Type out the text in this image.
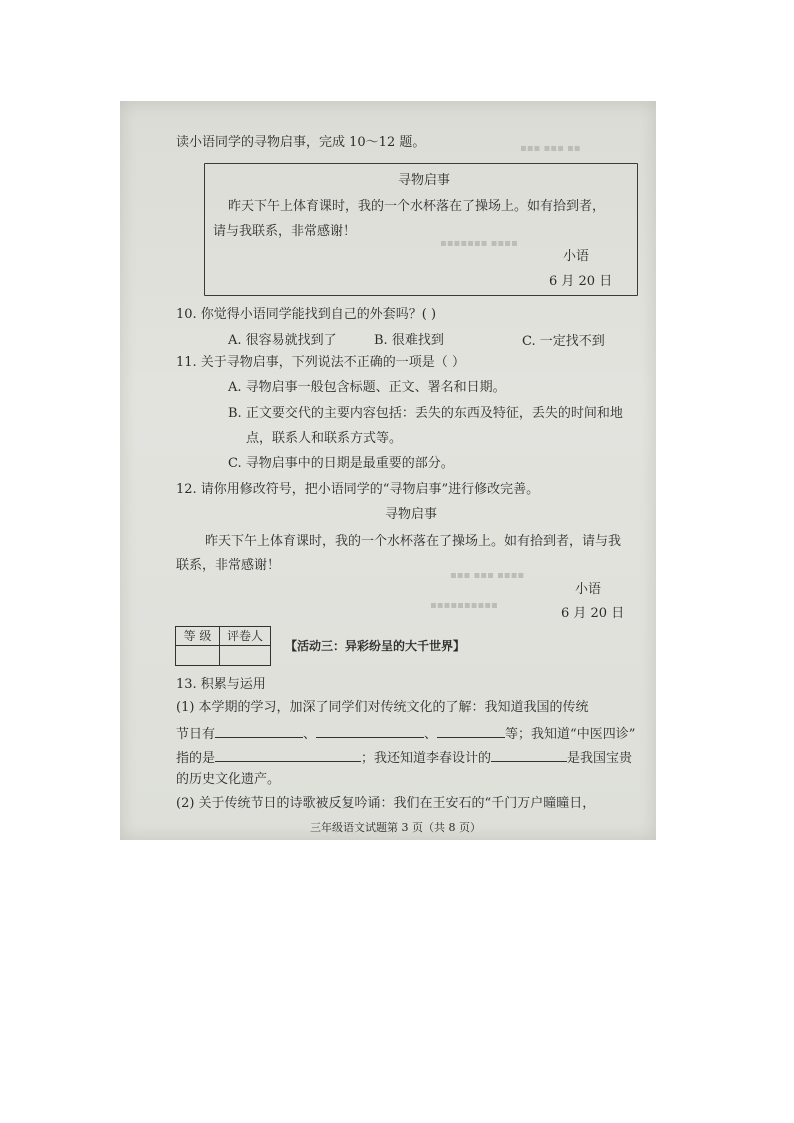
▪▪▪ ▪▪▪ ▪▪
▪▪▪▪▪▪▪ ▪▪▪▪
▪▪▪ ▪▪▪ ▪▪▪▪
▪▪▪▪▪▪▪▪▪▪
读小语同学的寻物启事，完成 10～12 题。
寻物启事
昨天下午上体育课时，我的一个水杯落在了操场上。如有拾到者，
请与我联系，非常感谢！
小语
6 月 20 日
10. 你觉得小语同学能找到自己的外套吗？( )
A. 很容易就找到了	B. 很难找到	C. 一定找不到
11. 关于寻物启事，下列说法不正确的一项是（ ）
A. 寻物启事一般包含标题、正文、署名和日期。
B. 正文要交代的主要内容包括：丢失的东西及特征，丢失的时间和地
点，联系人和联系方式等。
C. 寻物启事中的日期是最重要的部分。
12. 请你用修改符号，把小语同学的“寻物启事”进行修改完善。
寻物启事
昨天下午上体育课时，我的一个水杯落在了操场上。如有拾到者，请与我
联系，非常感谢！
小语
6 月 20 日
等 级	评卷人
【活动三：异彩纷呈的大千世界】
13. 积累与运用
(1) 本学期的学习，加深了同学们对传统文化的了解：我知道我国的传统
节日有	、	、	等；我知道“中医四诊”
指的是	；我还知道李春设计的	是我国宝贵
的历史文化遗产。
(2) 关于传统节日的诗歌被反复吟诵：我们在王安石的“千门万户曈曈日，
三年级语文试题第 3 页（共 8 页）
